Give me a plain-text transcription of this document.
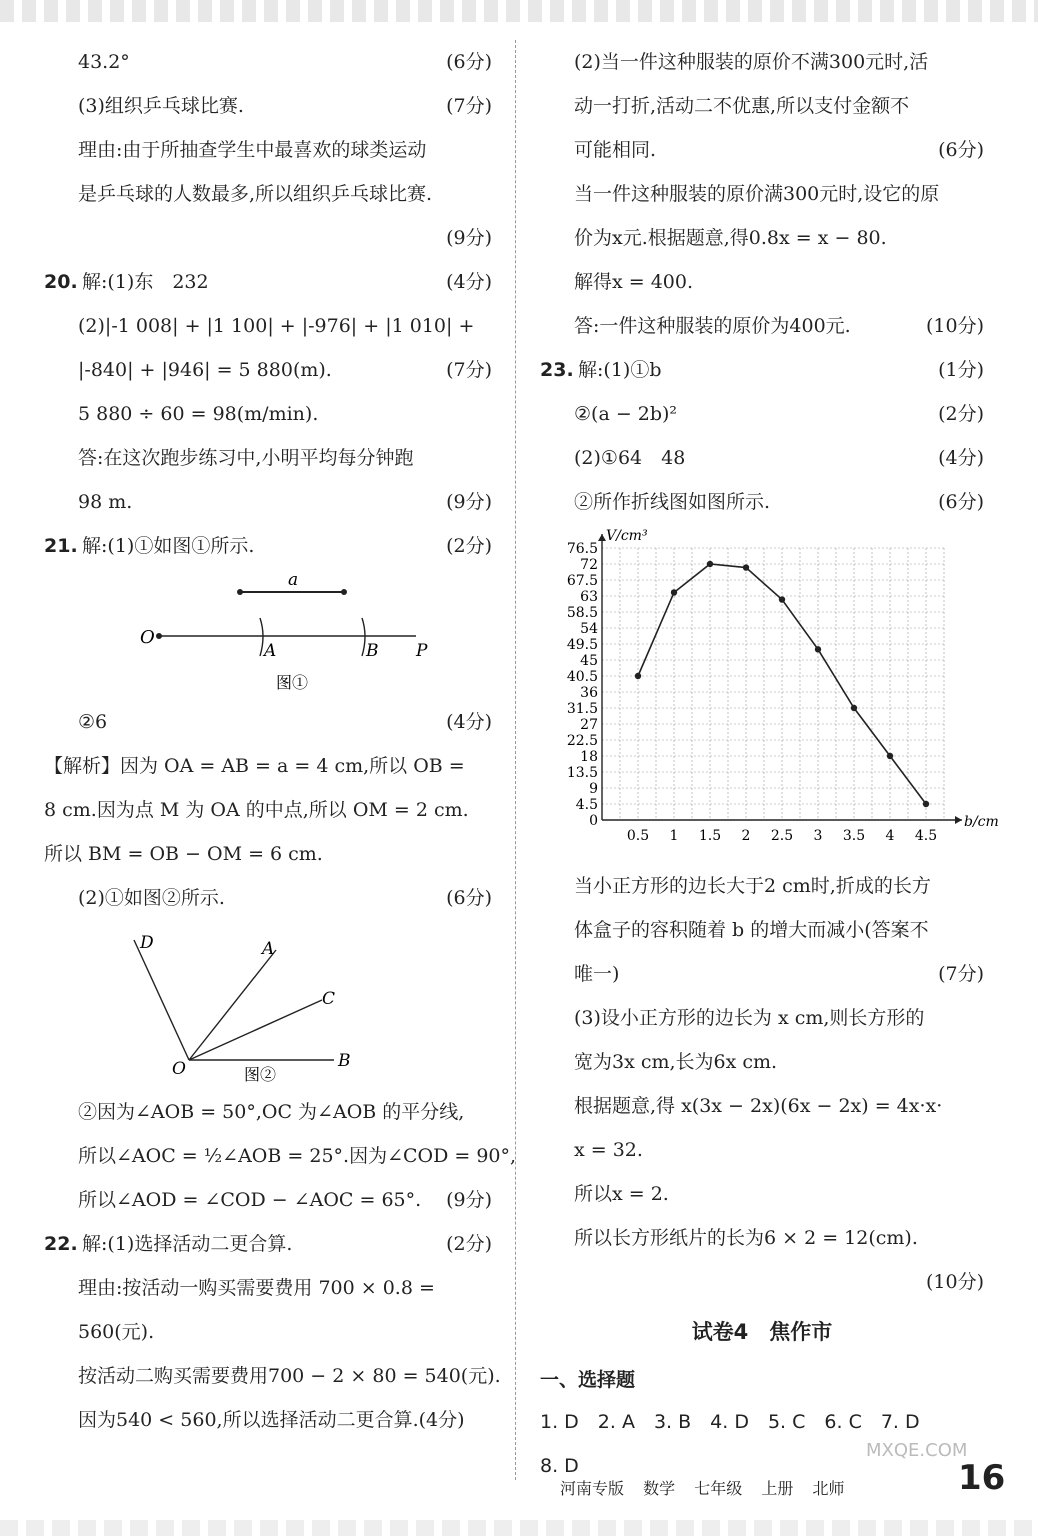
43.2°	(6分)
(3)组织乒乓球比赛.	(7分)
理由:由于所抽查学生中最喜欢的球类运动
是乒乓球的人数最多,所以组织乒乓球比赛.
(9分)
20. 解:(1)东　232	(4分)
(2)|-1 008| + |1 100| + |-976| + |1 010| +
|-840| + |946| = 5 880(m).	(7分)
5 880 ÷ 60 = 98(m/min).
答:在这次跑步练习中,小明平均每分钟跑
98 m.	(9分)
21. 解:(1)①如图①所示.	(2分)
a
O
A	B P
图①
②6	(4分)
【解析】因为 OA = AB = a = 4 cm,所以 OB =
8 cm.因为点 M 为 OA 的中点,所以 OM = 2 cm.
所以 BM = OB − OM = 6 cm.
(2)①如图②所示.	(6分)
D	A
C
O	B
图②
②因为∠AOB = 50°,OC 为∠AOB 的平分线,
所以∠AOC = ½∠AOB = 25°.因为∠COD = 90°,
所以∠AOD = ∠COD − ∠AOC = 65°. (9分)
22. 解:(1)选择活动二更合算.	(2分)
理由:按活动一购买需要费用 700 × 0.8 =
560(元).
按活动二购买需要费用700 − 2 × 80 = 540(元).
因为540 < 560,所以选择活动二更合算.(4分)
(2)当一件这种服装的原价不满300元时,活
动一打折,活动二不优惠,所以支付金额不
可能相同.	(6分)
当一件这种服装的原价满300元时,设它的原
价为x元.根据题意,得0.8x = x − 80.
解得x = 400.
答:一件这种服装的原价为400元.	(10分)
23. 解:(1)①b	(1分)
②(a − 2b)²	(2分)
(2)①64　48	(4分)
②所作折线图如图所示.	(6分)
0
4.5
9
13.5
18
22.5
27
31.5
36
40.5
45
49.5
54
58.5
63
67.5
72
76.5
0.5 1 1.5 2 2.5 3 3.5 4 4.5
b/cm
V/cm³
当小正方形的边长大于2 cm时,折成的长方
体盒子的容积随着 b 的增大而减小(答案不
唯一)	(7分)
(3)设小正方形的边长为 x cm,则长方形的
宽为3x cm,长为6x cm.
根据题意,得 x(3x − 2x)(6x − 2x) = 4x·x·
x = 32.
所以x = 2.
所以长方形纸片的长为6 × 2 = 12(cm).
(10分)
试卷4　焦作市
一、选择题
1. D　2. A　3. B　4. D　5. C　6. C　7. D
8. D
河南专版 数学 七年级 上册 北师
MXQE.COM
16
